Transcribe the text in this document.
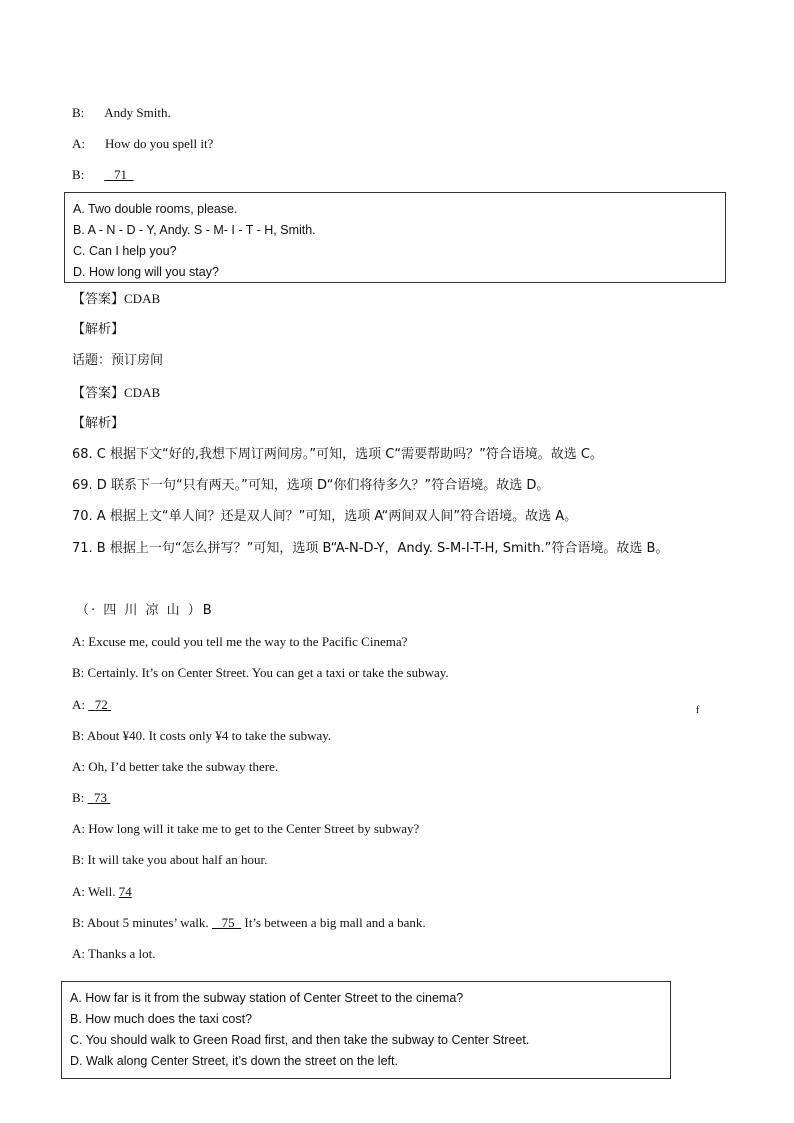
B: Andy Smith.
A: How do you spell it?
B: 71
A. Two double rooms, please.
B. A - N - D - Y, Andy. S - M- I - T - H, Smith.
C. Can I help you?
D. How long will you stay?
【答案】CDAB
【解析】
话题：预订房间
【答案】CDAB
【解析】
68. C 根据下文“好的,我想下周订两间房。”可知，选项 C“需要帮助吗？”符合语境。故选 C。
69. D 联系下一句“只有两天。”可知，选项 D“你们将待多久？”符合语境。故选 D。
70. A 根据上文“单人间？还是双人间？”可知，选项 A“两间双人间”符合语境。故选 A。
71. B 根据上一句“怎么拼写？”可知，选项 B“A-N-D-Y，Andy. S-M-I-T-H, Smith.”符合语境。故选 B。
（· 四 川 凉 山 ）B
A: Excuse me, could you tell me the way to the Pacific Cinema?
B: Certainly. It’s on Center Street. You can get a taxi or take the subway.
A:   72	f
B: About ¥40. It costs only ¥4 to take the subway.
A: Oh, I’d better take the subway there.
B:   73
A: How long will it take me to get to the Center Street by subway?
B: It will take you about half an hour.
A: Well. 74
B: About 5 minutes’ walk.    75   It’s between a big mall and a bank.
A: Thanks a lot.
A. How far is it from the subway station of Center Street to the cinema?
B. How much does the taxi cost?
C. You should walk to Green Road first, and then take the subway to Center Street.
D. Walk along Center Street, it’s down the street on the left.
